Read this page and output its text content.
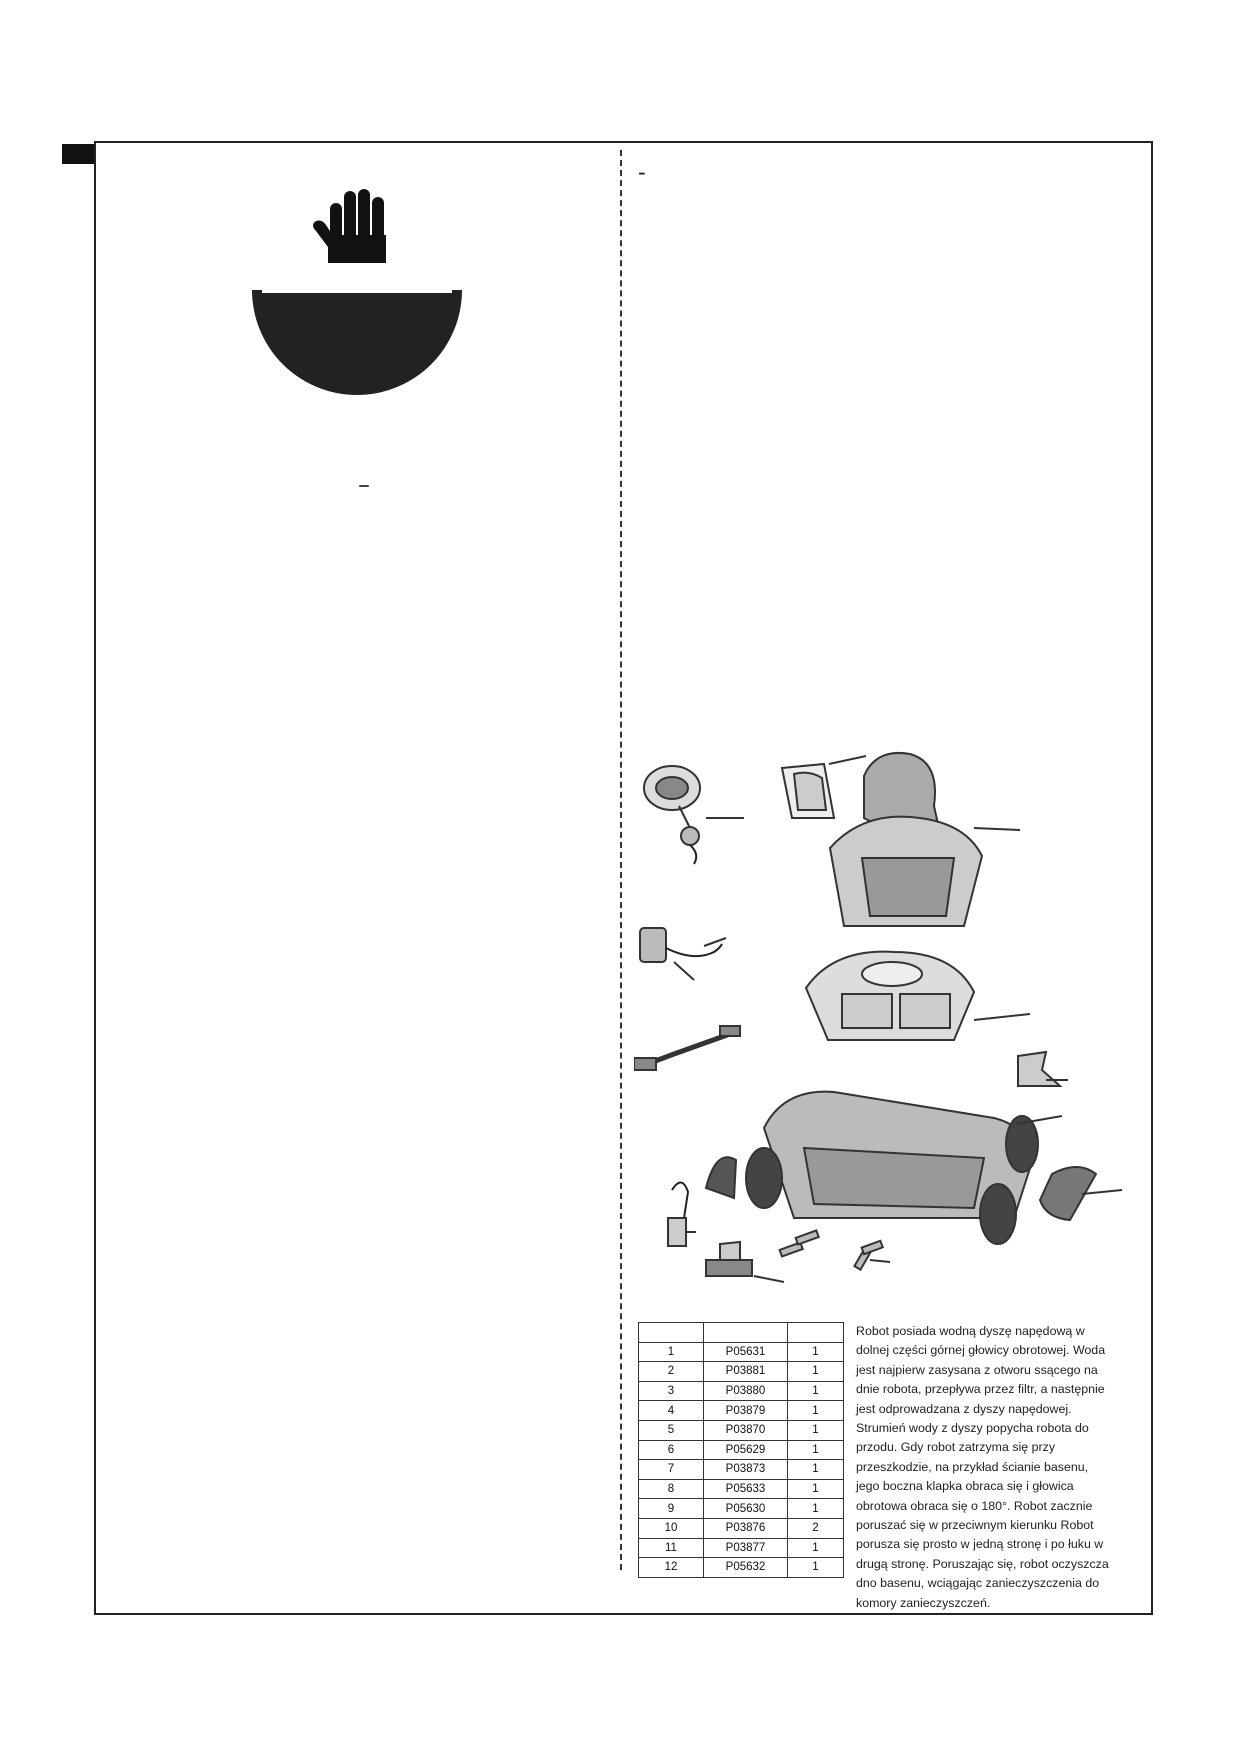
-

1	P05631	1
2	P03881	1
3	P03880	1
4	P03879	1
5	P03870	1
6	P05629	1
7	P03873	1
8	P05633	1
9	P05630	1
10	P03876	2
11	P03877	1
12	P05632	1
Robot posiada wodną dyszę napędową w
dolnej części górnej głowicy obrotowej. Woda
jest najpierw zasysana z otworu ssącego na
dnie robota, przepływa przez filtr, a następnie
jest odprowadzana z dyszy napędowej.
Strumień wody z dyszy popycha robota do
przodu. Gdy robot zatrzyma się przy
przeszkodzie, na przykład ścianie basenu,
jego boczna klapka obraca się i głowica
obrotowa obraca się o 180°. Robot zacznie
poruszać się w przeciwnym kierunku Robot
porusza się prosto w jedną stronę i po łuku w
drugą stronę. Poruszając się, robot oczyszcza
dno basenu, wciągając zanieczyszczenia do
komory zanieczyszczeń.
